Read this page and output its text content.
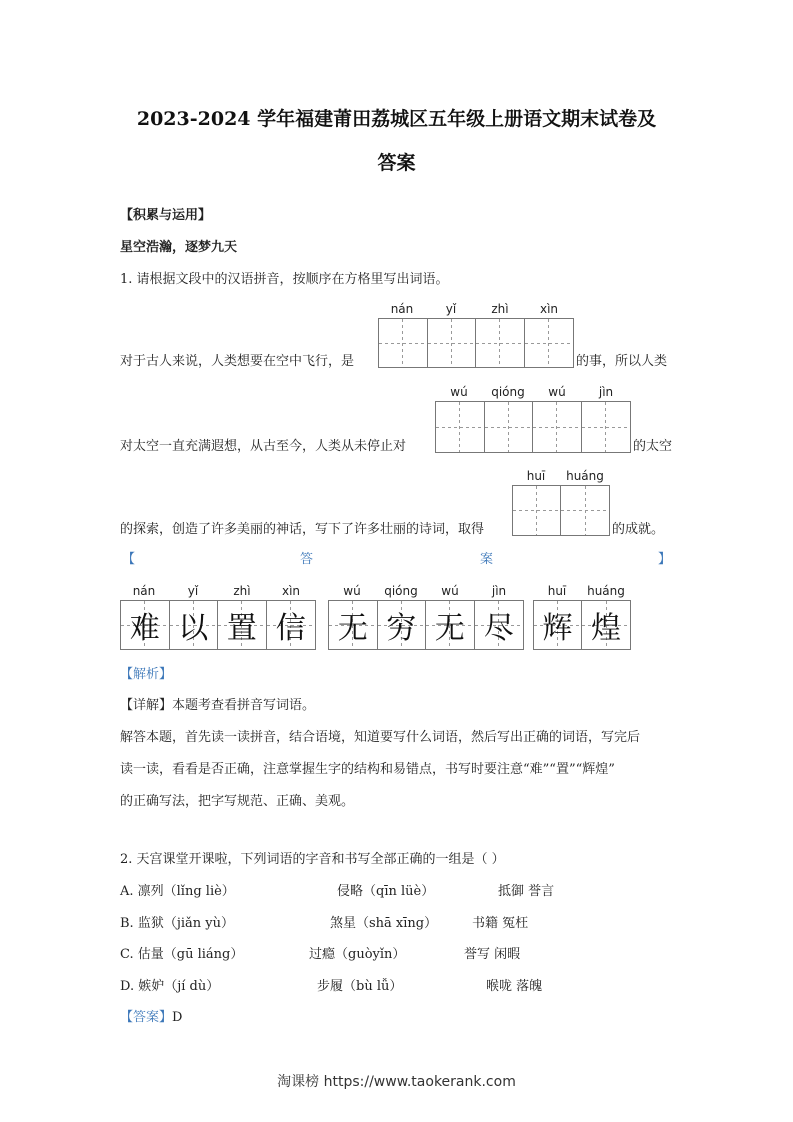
2023-2024 学年福建莆田荔城区五年级上册语文期末试卷及
答案
【积累与运用】
星空浩瀚，逐梦九天
1. 请根据文段中的汉语拼音，按顺序在方格里写出词语。
nán	yǐ	zhì	xìn
对于古人来说，人类想要在空中飞行，是	的事，所以人类
wú	qióng	wú	jìn
对太空一直充满遐想，从古至今，人类从未停止对	的太空
huī	huáng
的探索，创造了许多美丽的神话，写下了许多壮丽的诗词，取得	的成就。
【	答	案	】
nán	yǐ	zhì	xìn	wú	qióng	wú	jìn	huī	huáng
难 以 置 信	无 穷 无 尽 辉 煌
【解析】
【详解】本题考查看拼音写词语。
解答本题，首先读一读拼音，结合语境，知道要写什么词语，然后写出正确的词语，写完后
读一读，看看是否正确，注意掌握生字的结构和易错点，书写时要注意“难”“置”“辉煌”
的正确写法，把字写规范、正确、美观。
2. 天宫课堂开课啦，下列词语的字音和书写全部正确的一组是（ ）
A. 凛列（lǐng liè）	侵略（qīn lüè）	抵御 誉言
B. 监狱（jiǎn yù）	煞星（shā xīng）	书籍 冤枉
C. 估量（gū liáng）	过瘾（guòyǐn）	誉写 闲暇
D. 嫉妒（jí dù）	步履（bù lǚ）	喉咙 落魄
【答案】D
淘课榜 https://www.taokerank.com
